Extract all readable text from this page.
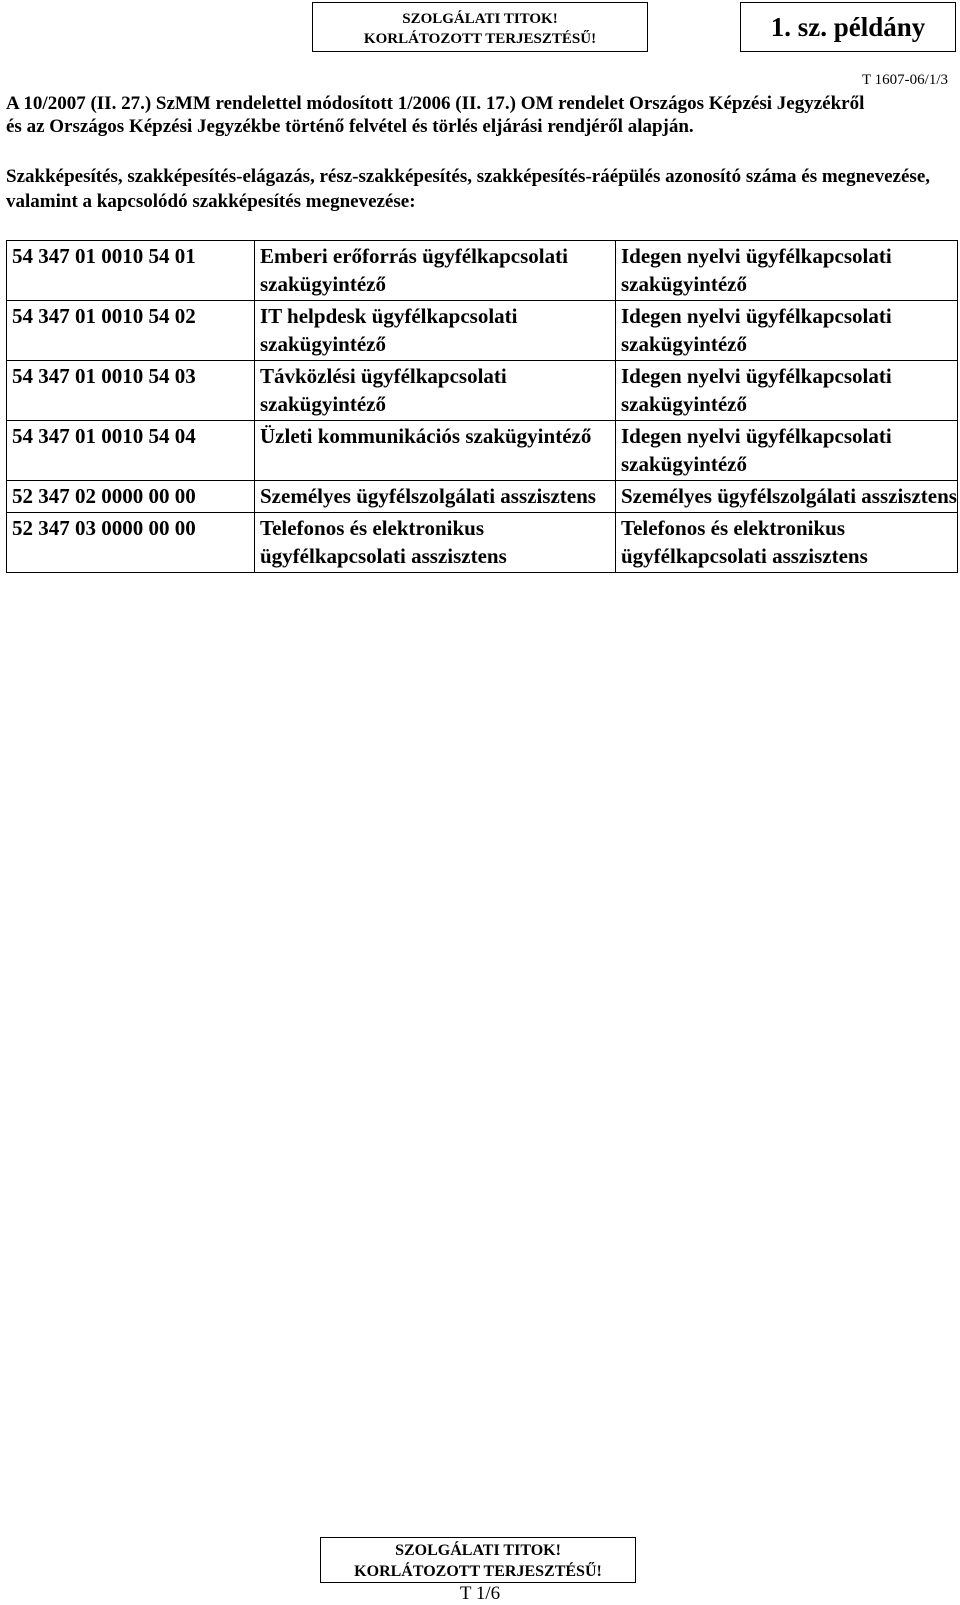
SZOLGÁLATI TITOK!
KORLÁTOZOTT TERJESZTÉSŰ!	1. sz. példány
T 1607-06/1/3
A 10/2007 (II. 27.) SzMM rendelettel módosított 1/2006 (II. 17.) OM rendelet Országos Képzési Jegyzékről
és az Országos Képzési Jegyzékbe történő felvétel és törlés eljárási rendjéről alapján.
Szakképesítés, szakképesítés-elágazás, rész-szakképesítés, szakképesítés-ráépülés azonosító száma és megnevezése, valamint a kapcsolódó szakképesítés megnevezése:
54 347 01 0010 54 01	Emberi erőforrás ügyfélkapcsolati szakügyintéző	Idegen nyelvi ügyfélkapcsolati szakügyintéző
54 347 01 0010 54 02	IT helpdesk ügyfélkapcsolati szakügyintéző	Idegen nyelvi ügyfélkapcsolati szakügyintéző
54 347 01 0010 54 03	Távközlési ügyfélkapcsolati szakügyintéző	Idegen nyelvi ügyfélkapcsolati szakügyintéző
54 347 01 0010 54 04	Üzleti kommunikációs szakügyintéző	Idegen nyelvi ügyfélkapcsolati szakügyintéző
52 347 02 0000 00 00	Személyes ügyfélszolgálati asszisztens	Személyes ügyfélszolgálati asszisztens
52 347 03 0000 00 00	Telefonos és elektronikus ügyfélkapcsolati asszisztens	Telefonos és elektronikus ügyfélkapcsolati asszisztens
SZOLGÁLATI TITOK!
KORLÁTOZOTT TERJESZTÉSŰ!
T 1/6
